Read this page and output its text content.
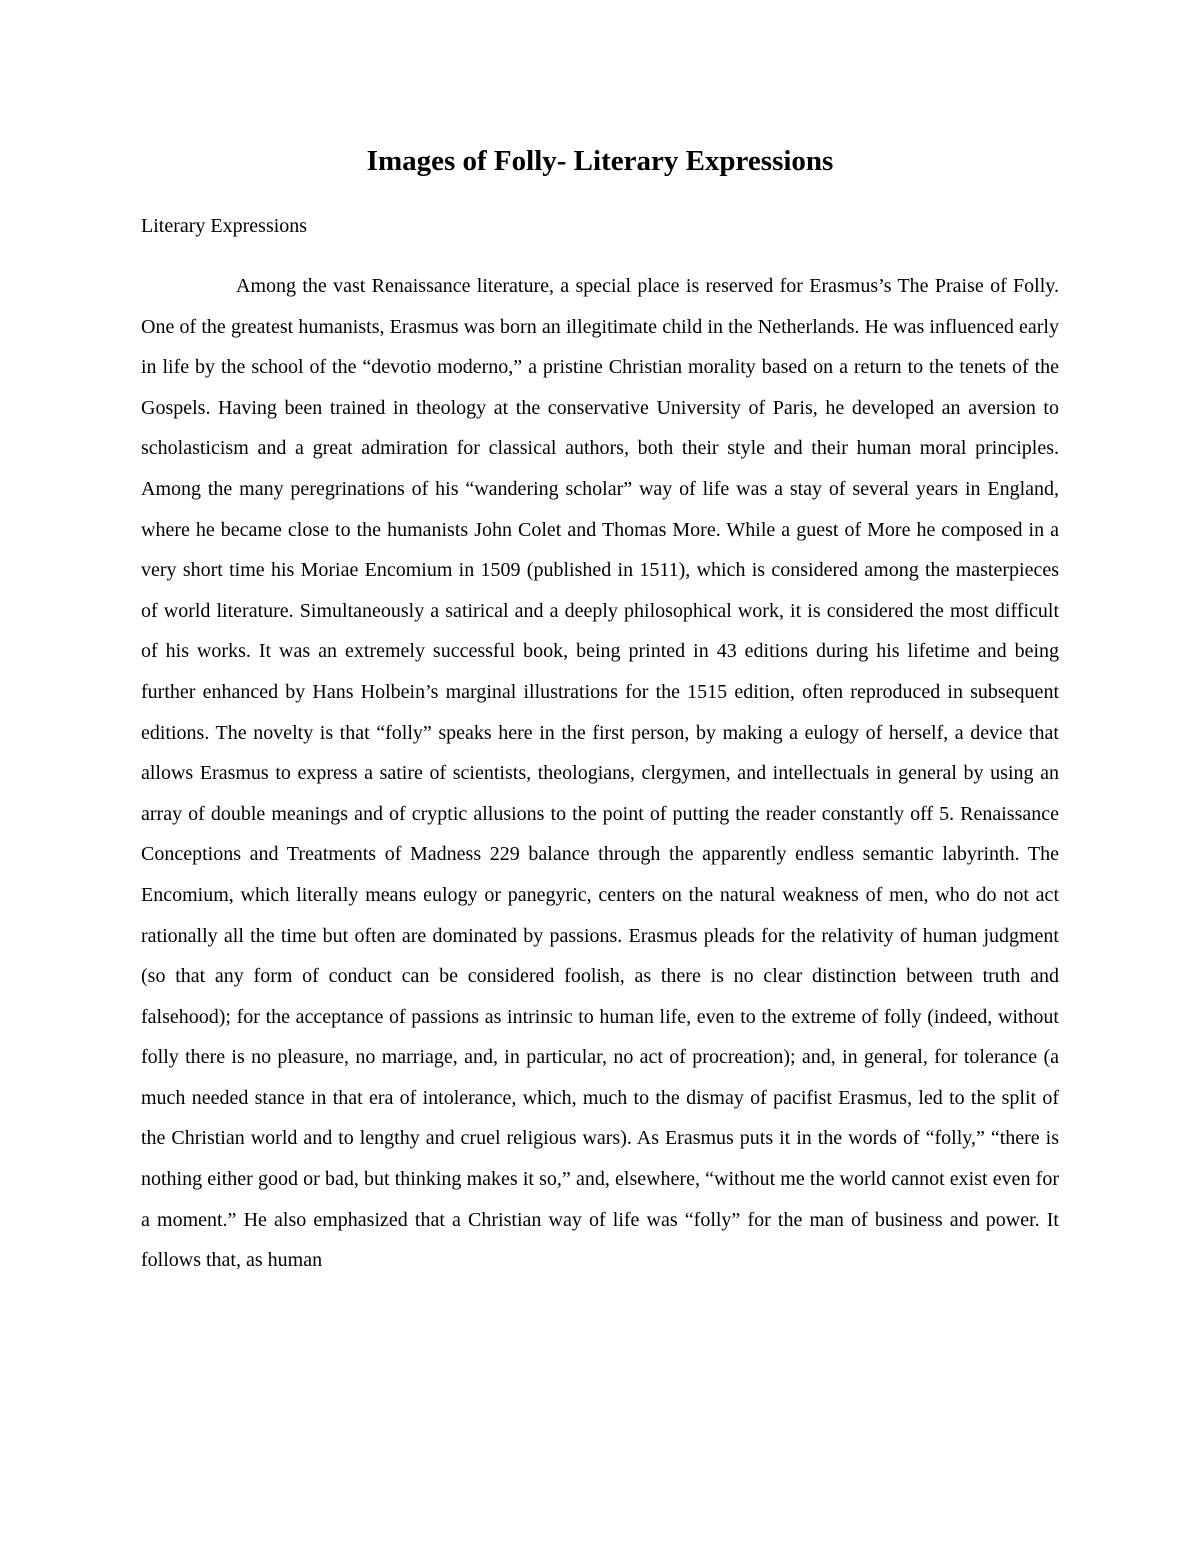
Images of Folly- Literary Expressions
Literary Expressions

Among the vast Renaissance literature, a special place is reserved for Erasmus’s The Praise of Folly. One of the greatest humanists, Erasmus was born an illegitimate child in the Netherlands. He was influenced early in life by the school of the “devotio moderno,” a pristine Christian morality based on a return to the tenets of the Gospels. Having been trained in theology at the conservative University of Paris, he developed an aversion to scholasticism and a great admiration for classical authors, both their style and their human moral principles. Among the many peregrinations of his “wandering scholar” way of life was a stay of several years in England, where he became close to the humanists John Colet and Thomas More. While a guest of More he composed in a very short time his Moriae Encomium in 1509 (published in 1511), which is considered among the masterpieces of world literature. Simultaneously a satirical and a deeply philosophical work, it is considered the most difficult of his works. It was an extremely successful book, being printed in 43 editions during his lifetime and being further enhanced by Hans Holbein’s marginal illustrations for the 1515 edition, often reproduced in subsequent editions. The novelty is that “folly” speaks here in the first person, by making a eulogy of herself, a device that allows Erasmus to express a satire of scientists, theologians, clergymen, and intellectuals in general by using an array of double meanings and of cryptic allusions to the point of putting the reader constantly off 5. Renaissance Conceptions and Treatments of Madness 229 balance through the apparently endless semantic labyrinth. The Encomium, which literally means eulogy or panegyric, centers on the natural weakness of men, who do not act rationally all the time but often are dominated by passions. Erasmus pleads for the relativity of human judgment (so that any form of conduct can be considered foolish, as there is no clear distinction between truth and falsehood); for the acceptance of passions as intrinsic to human life, even to the extreme of folly (indeed, without folly there is no pleasure, no marriage, and, in particular, no act of procreation); and, in general, for tolerance (a much needed stance in that era of intolerance, which, much to the dismay of pacifist Erasmus, led to the split of the Christian world and to lengthy and cruel religious wars). As Erasmus puts it in the words of “folly,” “there is nothing either good or bad, but thinking makes it so,” and, elsewhere, “without me the world cannot exist even for a moment.” He also emphasized that a Christian way of life was “folly” for the man of business and power. It follows that, as human
